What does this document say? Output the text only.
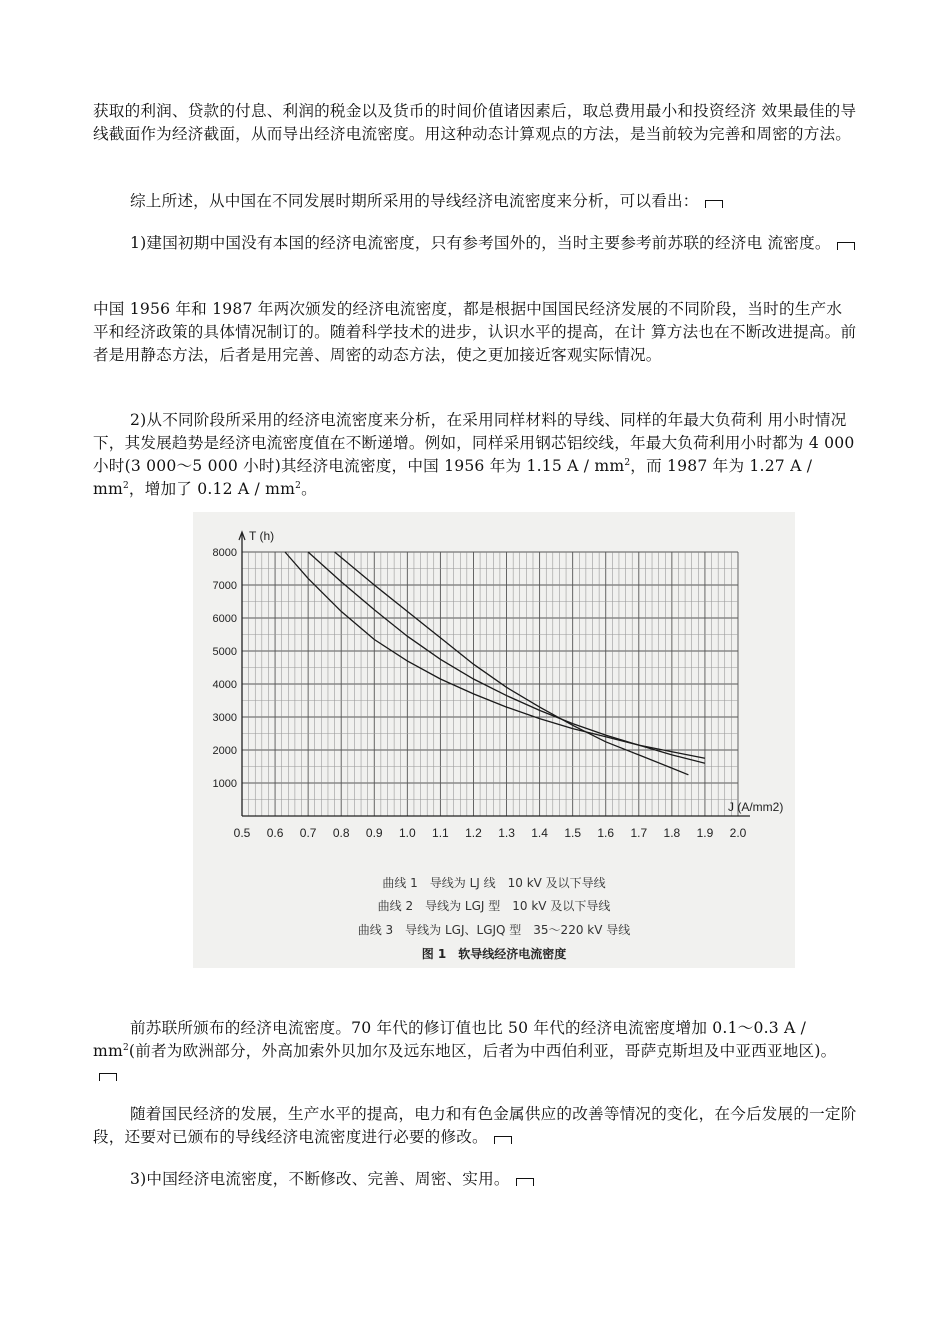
获取的利润、贷款的付息、利润的税金以及货币的时间价值诸因素后，取总费用最小和投资经济 效果最佳的导线截面作为经济截面，从而导出经济电流密度。用这种动态计算观点的方法，是当前较为完善和周密的方法。
综上所述，从中国在不同发展时期所采用的导线经济电流密度来分析，可以看出：
1)建国初期中国没有本国的经济电流密度，只有参考国外的，当时主要参考前苏联的经济电 流密度。
中国 1956 年和 1987 年两次颁发的经济电流密度，都是根据中国国民经济发展的不同阶段，当时的生产水平和经济政策的具体情况制订的。随着科学技术的进步，认识水平的提高，在计 算方法也在不断改进提高。前者是用静态方法，后者是用完善、周密的动态方法，使之更加接近客观实际情况。
2)从不同阶段所采用的经济电流密度来分析，在采用同样材料的导线、同样的年最大负荷利 用小时情况下，其发展趋势是经济电流密度值在不断递增。例如，同样采用钢芯铝绞线，年最大负荷利用小时都为 4 000 小时(3 000～5 000 小时)其经济电流密度，中国 1956 年为 1.15 A / $mm^2$，而 1987 年为 1.27 A / $mm^2$，增加了 0.12 A / $mm^2$。
0.5 0.6 0.7 0.8 0.9 1.0 1.1 1.2 1.3 1.4 1.5 1.6 1.7 1.8 1.9 2.0
1000
2000
3000
4000
5000
6000
7000
8000
T (h)
J (A/mm2)
曲线 1　导线为 LJ 线　10 kV 及以下导线
曲线 2　导线为 LGJ 型　10 kV 及以下导线
曲线 3　导线为 LGJ、LGJQ 型　35～220 kV 导线
图 1　软导线经济电流密度
前苏联所颁布的经济电流密度。70 年代的修订值也比 50 年代的经济电流密度增加 0.1～0.3 A / $mm^2$(前者为欧洲部分，外高加索外贝加尔及远东地区，后者为中西伯利亚，哥萨克斯坦及中亚西亚地区)。
随着国民经济的发展，生产水平的提高，电力和有色金属供应的改善等情况的变化，在今后发展的一定阶段，还要对已颁布的导线经济电流密度进行必要的修改。
3)中国经济电流密度，不断修改、完善、周密、实用。
